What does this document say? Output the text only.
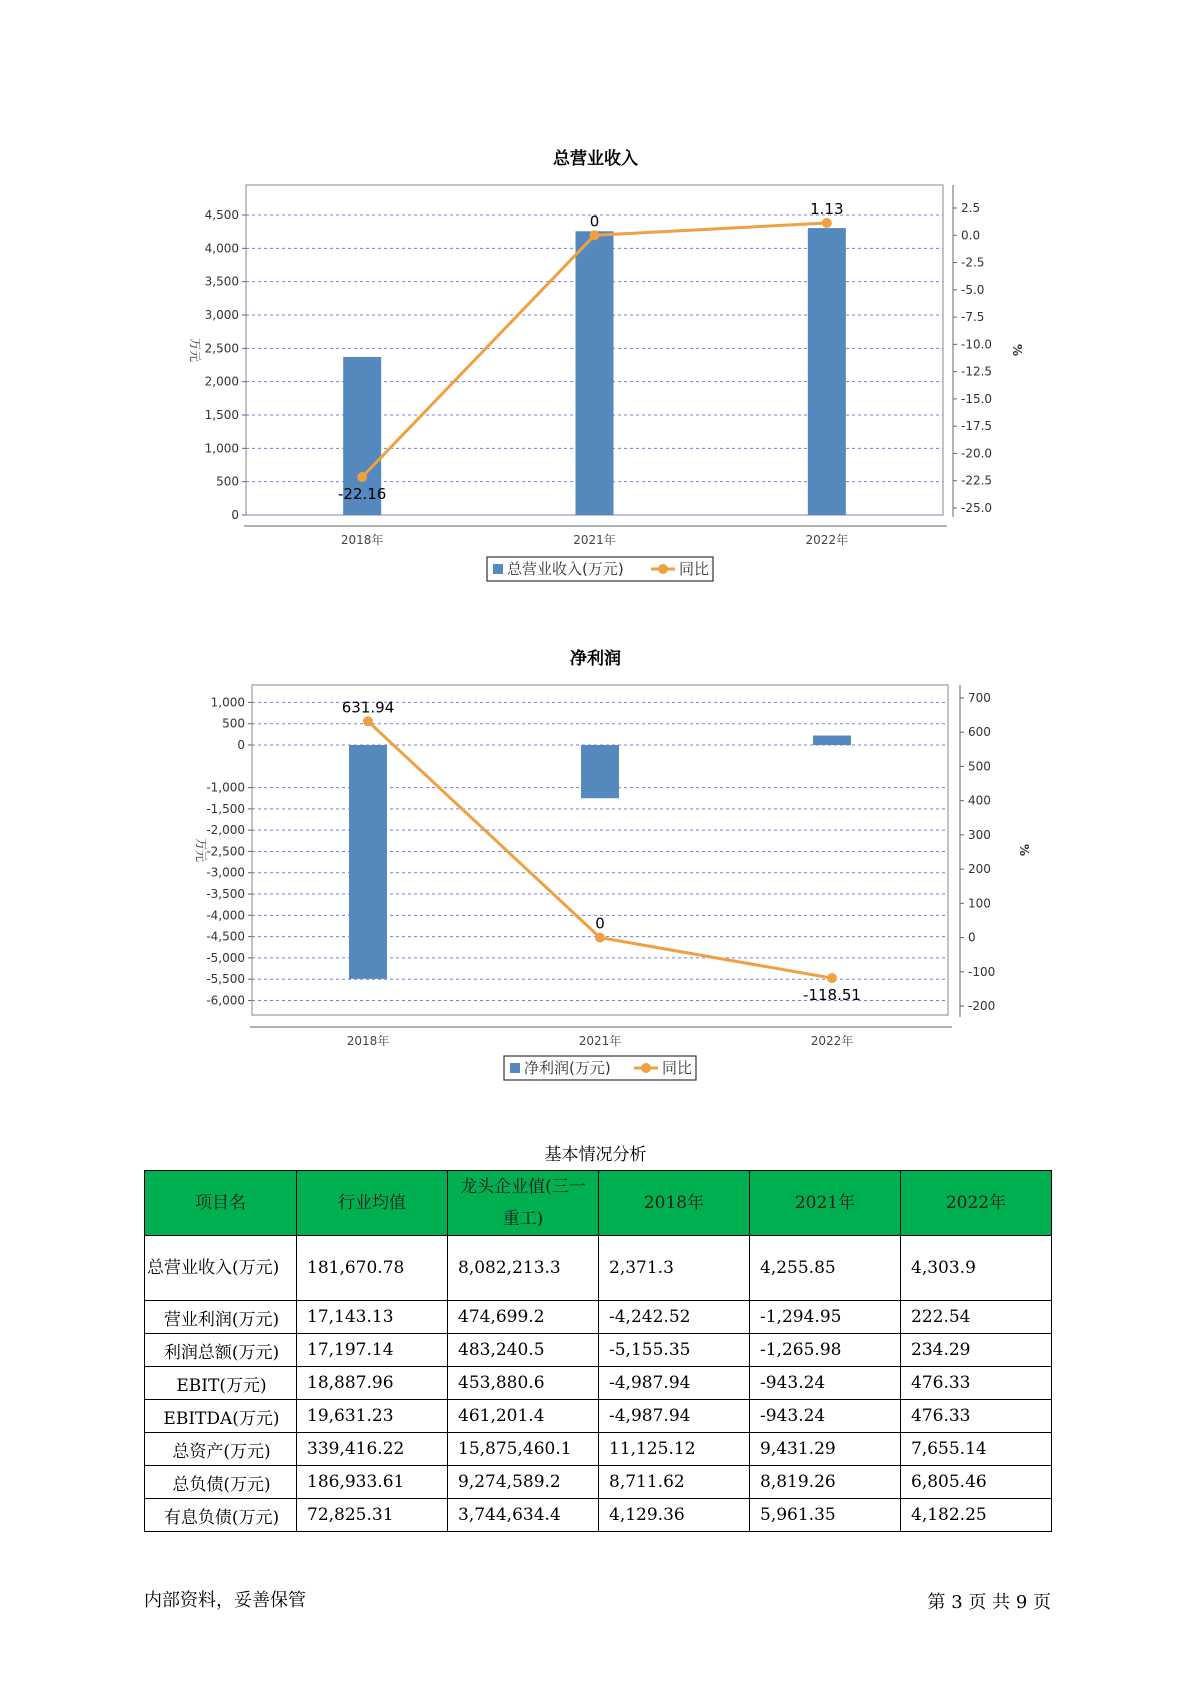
总营业收入
0
500
1,000
1,500
2,000
2,500
3,000
3,500
4,000
4,500	2.5
0.0
-2.5
-5.0
-7.5
-10.0
-12.5
-15.0
-17.5
-20.0
-22.5
-25.0
万元	%
2018年	2021年	2022年
-22.16
0
1.13
总营业收入(万元)	同比
净利润
1,000
500
0
-1,000
-1,500
-2,000
-2,500
-3,000
-3,500
-4,000
-4,500
-5,000
-5,500
-6,000
700
600
500
400
300
200
100
0
-100
-200
万元	%
2018年	2021年	2022年
631.94
0
-118.51
净利润(万元)	同比
基本情况分析
项目名	行业均值	龙头企业值(三一重工)	2018年	2021年	2022年
总营业收入(万元)	181,670.78	8,082,213.3	2,371.3	4,255.85	4,303.9
营业利润(万元)	17,143.13	474,699.2	-4,242.52	-1,294.95	222.54
利润总额(万元)	17,197.14	483,240.5	-5,155.35	-1,265.98	234.29
EBIT(万元)	18,887.96	453,880.6	-4,987.94	-943.24	476.33
EBITDA(万元)	19,631.23	461,201.4	-4,987.94	-943.24	476.33
总资产(万元)	339,416.22	15,875,460.1	11,125.12	9,431.29	7,655.14
总负债(万元)	186,933.61	9,274,589.2	8,711.62	8,819.26	6,805.46
有息负债(万元)	72,825.31	3,744,634.4	4,129.36	5,961.35	4,182.25
内部资料，妥善保管	第 3 页 共 9 页
